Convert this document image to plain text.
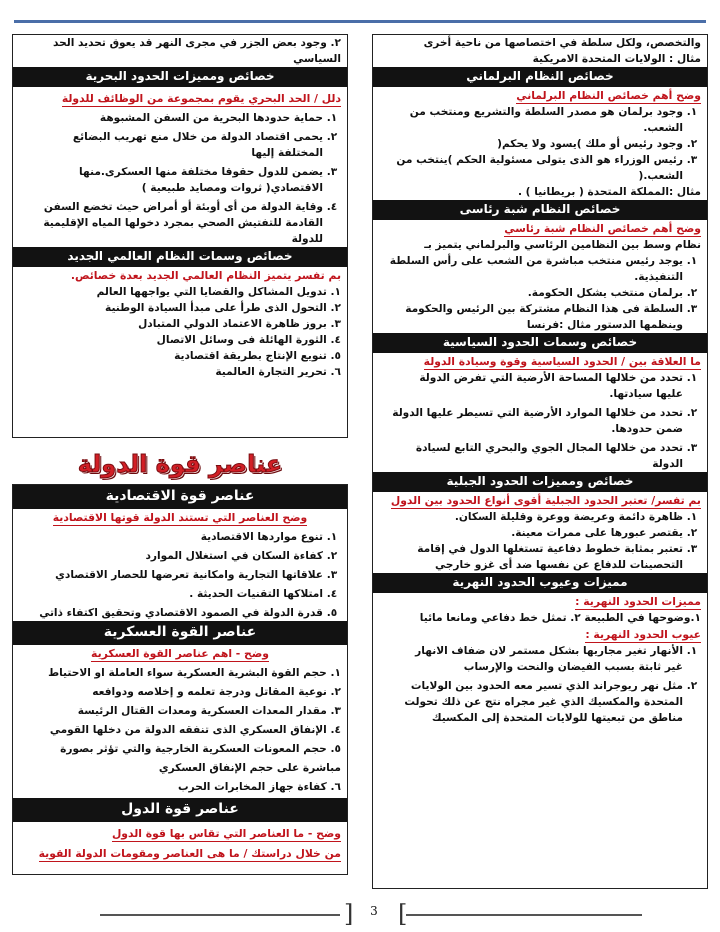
والتخصص، ولكل سلطة في اختصاصها من ناحية أخرى
مثال : الولايات المتحدة الامريكية
خصائص النظام البرلماني
وضح أهم خصائص النظام البرلماني
١.
وجود برلمان هو مصدر السلطة والتشريع ومنتخب من
الشعب.
٢.
وجود رئيس أو ملك )يسود ولا يحكم(
٣.
رئيس الوزراء هو الذى يتولى مسئولية الحكم )ينتخب من
الشعب.(
مثال :المملكة المتحدة ( بريطانيا ) .
خصائص النظام شبة رئاسى
وضح أهم خصائص النظام شبة رئاسي
نظام وسط بين النظامين الرئاسي والبرلماني يتميز بـ
١.
يوجد رئيس منتخب مباشرة من الشعب على رأس السلطة
التنفيذية.
٢.
برلمان منتخب يشكل الحكومة.
٣.
السلطة فى هذا النظام مشتركة بين الرئيس والحكومة
وينظمها الدستور مثال :فرنسا
خصائص وسمات الحدود السياسية
ما العلاقة بين / الحدود السياسية وقوة وسيادة الدولة
١.
تحدد من خلالها المساحة الأرضية التي تفرض الدولة
عليها سيادتها.
٢.
تحدد من خلالها الموارد الأرضية التي تسيطر عليها الدولة
ضمن حدودها.
٣.
تحدد من خلالها المجال الجوي والبحري التابع لسيادة
الدولة
خصائص ومميزات الحدود الجبلية
بم تفسر/ تعتبر الحدود الجبلية أقوى أنواع الحدود بين الدول
١.
ظاهرة دائمة وعريضة ووعرة وقليلة السكان.
٢.
يقتصر عبورها على ممرات معينة.
٣.
تعتبر بمثابة خطوط دفاعية تستغلها الدول في إقامة
التحصينات للدفاع عن نفسها ضد أى غزو خارجي
مميزات وعيوب الحدود النهرية
مميزات الحدود النهرية :
١.وضوحها في الطبيعة ٢. تمثل خط دفاعي ومانعا مائيا
عيوب الحدود النهرية :
١.
الأنهار تغير مجاريها بشكل مستمر لان ضفاف الانهار
غير ثابتة بسبب الفيضان والنحت والإرساب
٢.
مثل نهر ريوجراند الذي تسير معه الحدود بين الولايات
المتحدة والمكسيك الذي غير مجراه نتج عن ذلك تحولت
مناطق من تبعيتها للولايات المتحدة إلى المكسيك
٢. وجود بعض الجزر في مجرى النهر قد يعوق تحديد الحد
السياسي
خصائص ومميزات الحدود البحرية
دلل / الحد البحري يقوم بمجموعة من الوظائف للدولة
١.
حماية حدودها البحرية من السفن المشبوهة
٢.
يحمى اقتصاد الدولة من خلال منع تهريب البضائع
المختلفة إليها
٣.
يضمن للدول حقوقا مختلفة منها العسكرى.منها
الاقتصادي( ثروات ومصايد طبيعية )
٤.
وقاية الدولة من أى أوبئة أو أمراض حيث تخضع السفن
القادمة للتفتيش الصحي بمجرد دخولها المياه الإقليمية
للدولة
خصائص وسمات النظام العالمي الجديد
بم تفسر يتميز النظام العالمي الجديد بعدة خصائص.
١. تدويل المشاكل والقضايا التي يواجهها العالم
٢. التحول الذى طرأ على مبدأ السيادة الوطنية
٣. بروز ظاهرة الاعتماد الدولي المتبادل
٤. الثورة الهائلة فى وسائل الاتصال
٥. تنويع الإنتاج بطريقة اقتصادية
٦. تحرير التجارة العالمية
عناصر قوة الدولة
عناصر قوة الاقتصادية
وضح العناصر التي تستند الدولة قوتها الاقتصادية
١.
تنوع مواردها الاقتصادية
٢.
كفاءة السكان في استغلال الموارد
٣.
علاقاتها التجارية وامكانية تعرضها للحصار الاقتصادي
٤.
امتلاكها التقنيات الحديثة .
٥.
قدرة الدولة في الصمود الاقتصادي وتحقيق اكتفاء ذاتي
عناصر القوة العسكرية
وضح - اهم عناصر القوة العسكرية
١. حجم القوة البشرية العسكرية سواء العاملة او الاحتياط
٢. نوعية المقاتل ودرجة تعلمه و إخلاصه ودوافعه
٣. مقدار المعدات العسكرية ومعدات القتال الرئيسة
٤. الإنفاق العسكري الذى تنفقه الدولة من دخلها القومي
٥. حجم المعونات العسكرية الخارجية والتي تؤثر بصورة
مباشرة على حجم الإنفاق العسكري
٦. كفاءة جهاز المخابرات الحرب
عناصر قوة الدول
وضح - ما العناصر التي تقاس بها قوة الدول
من خلال دراستك / ما هى العناصر ومقومات الدولة القوية
[	3 ]
